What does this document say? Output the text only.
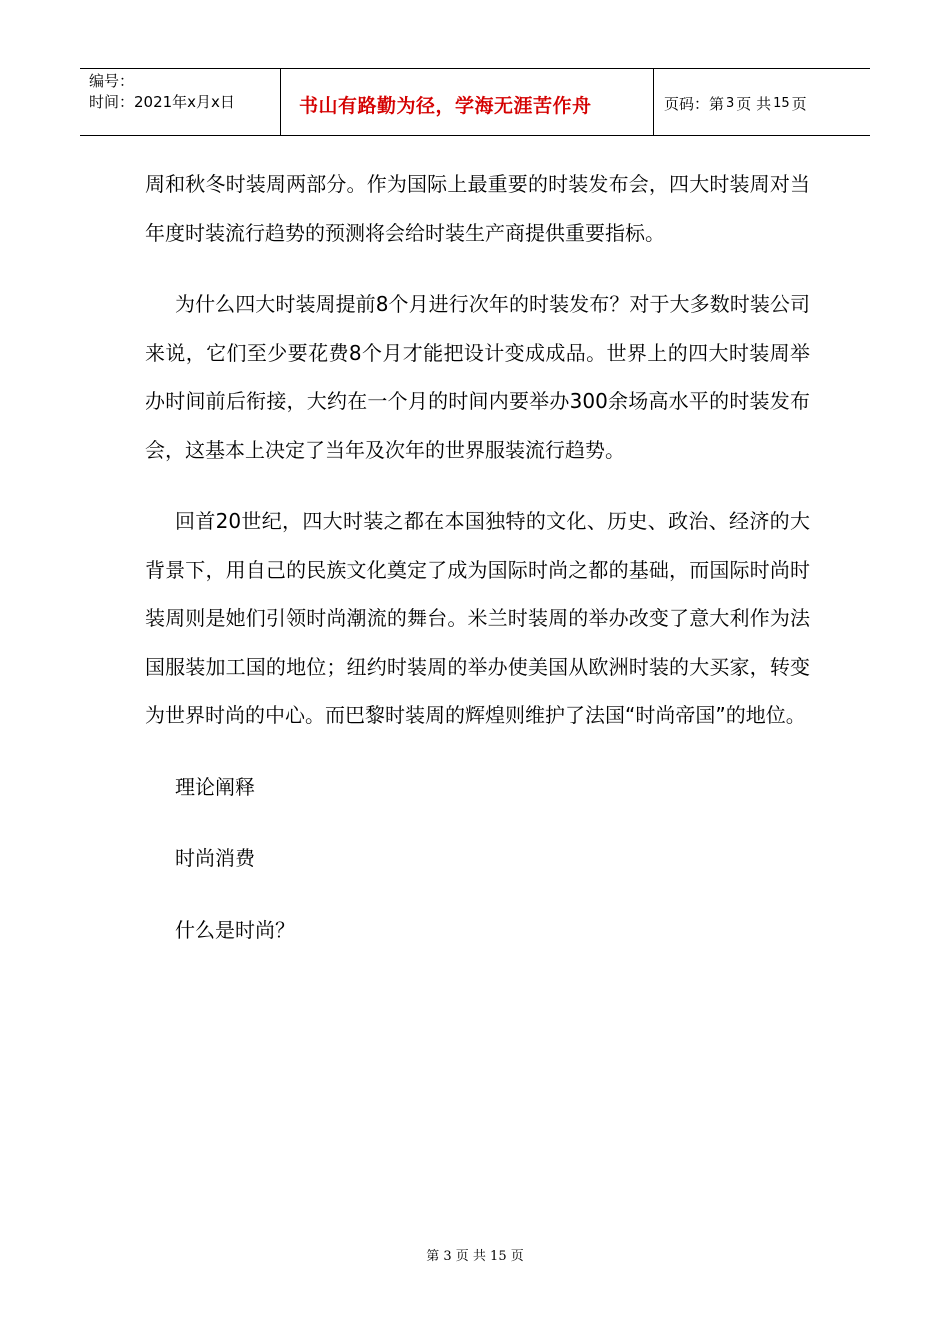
编号：
时间：2021年x月x日	书山有路勤为径，学海无涯苦作舟	页码：第 3 页 共 15 页

周和秋冬时装周两部分。作为国际上最重要的时装发布会，四大时装周对当年度时装流行趋势的预测将会给时装生产商提供重要指标。

为什么四大时装周提前8个月进行次年的时装发布？对于大多数时装公司来说，它们至少要花费8个月才能把设计变成成品。世界上的四大时装周举办时间前后衔接，大约在一个月的时间内要举办300余场高水平的时装发布会，这基本上决定了当年及次年的世界服装流行趋势。

回首20世纪，四大时装之都在本国独特的文化、历史、政治、经济的大背景下，用自己的民族文化奠定了成为国际时尚之都的基础，而国际时尚时装周则是她们引领时尚潮流的舞台。米兰时装周的举办改变了意大利作为法国服装加工国的地位；纽约时装周的举办使美国从欧洲时装的大买家，转变为世界时尚的中心。而巴黎时装周的辉煌则维护了法国“时尚帝国”的地位。

理论阐释

时尚消费

什么是时尚？

第 3 页 共 15 页
